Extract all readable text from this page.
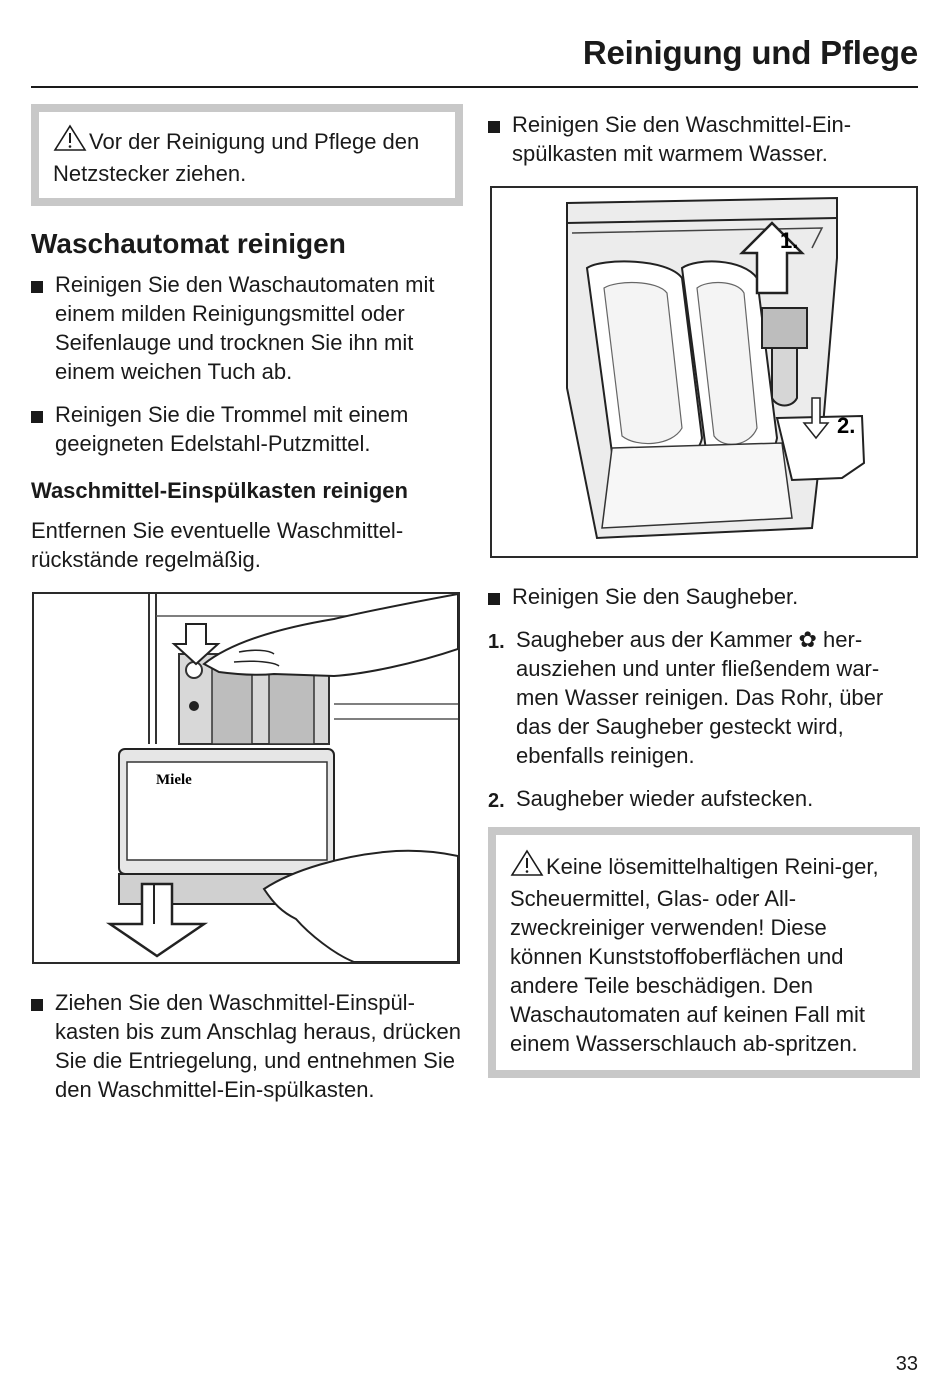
Reinigung und Pflege
Vor der Reinigung und Pflege den Netzstecker ziehen.
Waschautomat reinigen
Reinigen Sie den Waschautomaten mit einem milden Reinigungsmittel oder Seifenlauge und trocknen Sie ihn mit einem weichen Tuch ab.
Reinigen Sie die Trommel mit einem geeigneten Edelstahl-Putzmittel.
Waschmittel-Einspülkasten reinigen

Entfernen Sie eventuelle Waschmittel-rückstände regelmäßig.

Miele
Ziehen Sie den Waschmittel-Einspül-kasten bis zum Anschlag heraus, drücken Sie die Entriegelung, und entnehmen Sie den Waschmittel-Ein-spülkasten.
Reinigen Sie den Waschmittel-Ein-spülkasten mit warmem Wasser.
1.
2.
Reinigen Sie den Saugheber.
1. Saugheber aus der Kammer ✿ her-ausziehen und unter fließendem war-men Wasser reinigen. Das Rohr, über das der Saugheber gesteckt wird, ebenfalls reinigen.
2. Saugheber wieder aufstecken.
Keine lösemittelhaltigen Reini-ger, Scheuermittel, Glas- oder All-zweckreiniger verwenden! Diese können Kunststoffoberflächen und andere Teile beschädigen. Den Waschautomaten auf keinen Fall mit einem Wasserschlauch ab-spritzen.
33
